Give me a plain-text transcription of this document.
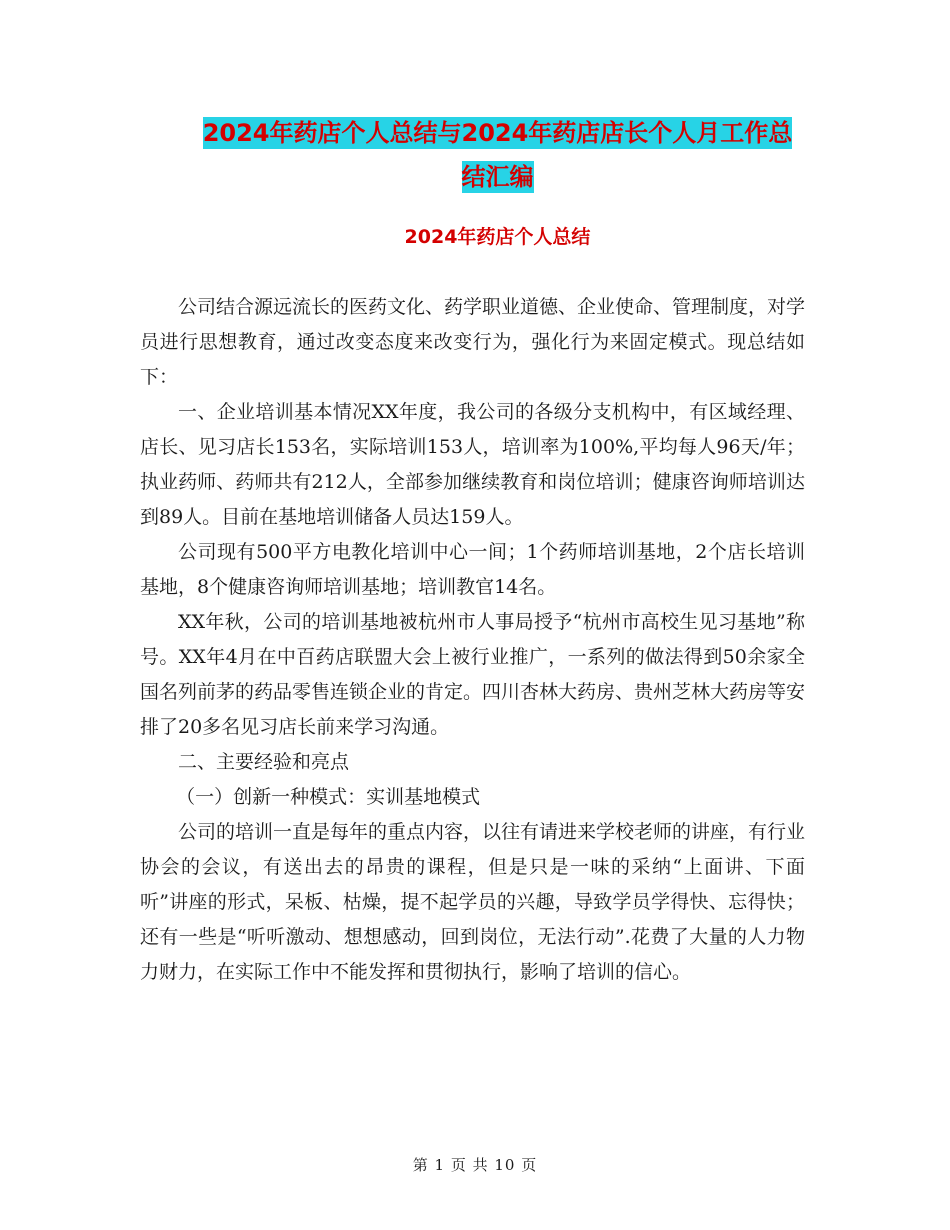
2024年药店个人总结与2024年药店店长个人月工作总
结汇编
2024年药店个人总结

公司结合源远流长的医药文化、药学职业道德、企业使命、管理制度，对学员进行思想教育，通过改变态度来改变行为，强化行为来固定模式。现总结如下：

一、企业培训基本情况XX年度，我公司的各级分支机构中，有区域经理、店长、见习店长153名，实际培训153人，培训率为100%,平均每人96天/年；执业药师、药师共有212人，全部参加继续教育和岗位培训；健康咨询师培训达到89人。目前在基地培训储备人员达159人。

公司现有500平方电教化培训中心一间；1个药师培训基地，2个店长培训基地，8个健康咨询师培训基地；培训教官14名。

XX年秋，公司的培训基地被杭州市人事局授予“杭州市高校生见习基地”称号。XX年4月在中百药店联盟大会上被行业推广，一系列的做法得到50余家全国名列前茅的药品零售连锁企业的肯定。四川杏林大药房、贵州芝林大药房等安排了20多名见习店长前来学习沟通。

二、主要经验和亮点

（一）创新一种模式：实训基地模式

公司的培训一直是每年的重点内容，以往有请进来学校老师的讲座，有行业协会的会议，有送出去的昂贵的课程，但是只是一味的采纳“上面讲、下面听”讲座的形式，呆板、枯燥，提不起学员的兴趣，导致学员学得快、忘得快；还有一些是“听听激动、想想感动，回到岗位，无法行动”.花费了大量的人力物力财力，在实际工作中不能发挥和贯彻执行，影响了培训的信心。

第 1 页 共 10 页
